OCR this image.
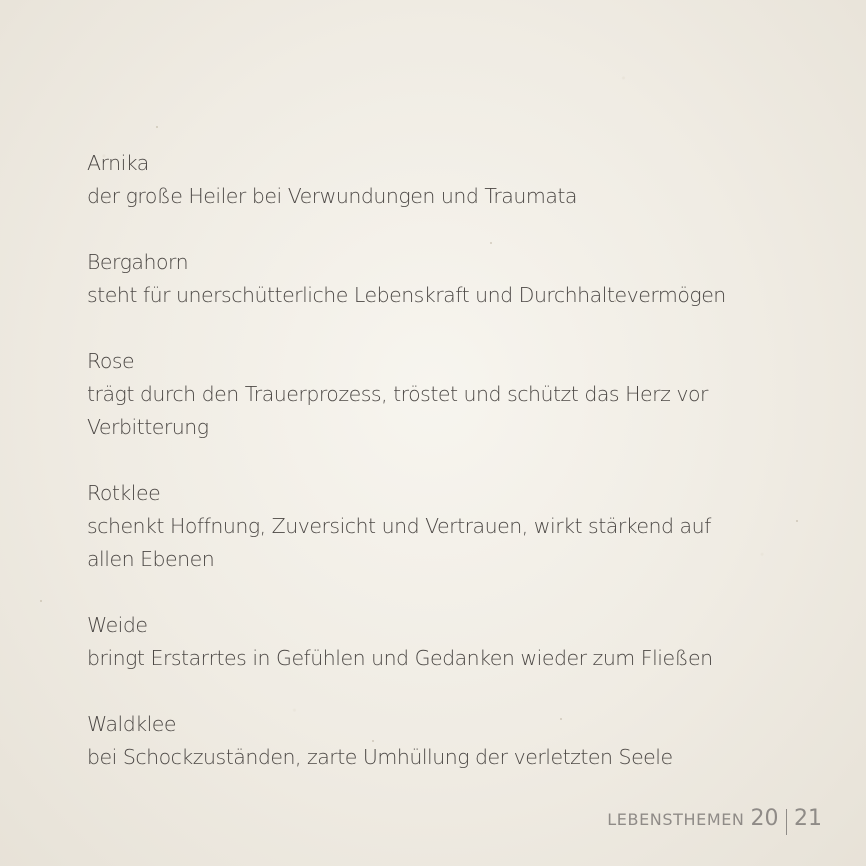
Arnika
der große Heiler bei Verwundungen und Traumata
Bergahorn
steht für unerschütterliche Lebenskraft und Durchhaltevermögen
Rose
trägt durch den Trauerprozess, tröstet und schützt das Herz vor Verbitterung
Rotklee
schenkt Hoffnung, Zuversicht und Vertrauen, wirkt stärkend auf allen Ebenen
Weide
bringt Erstarrtes in Gefühlen und Gedanken wieder zum Fließen
Waldklee
bei Schockzuständen, zarte Umhüllung der verletzten Seele
LEBENSTHEMEN 20 21
